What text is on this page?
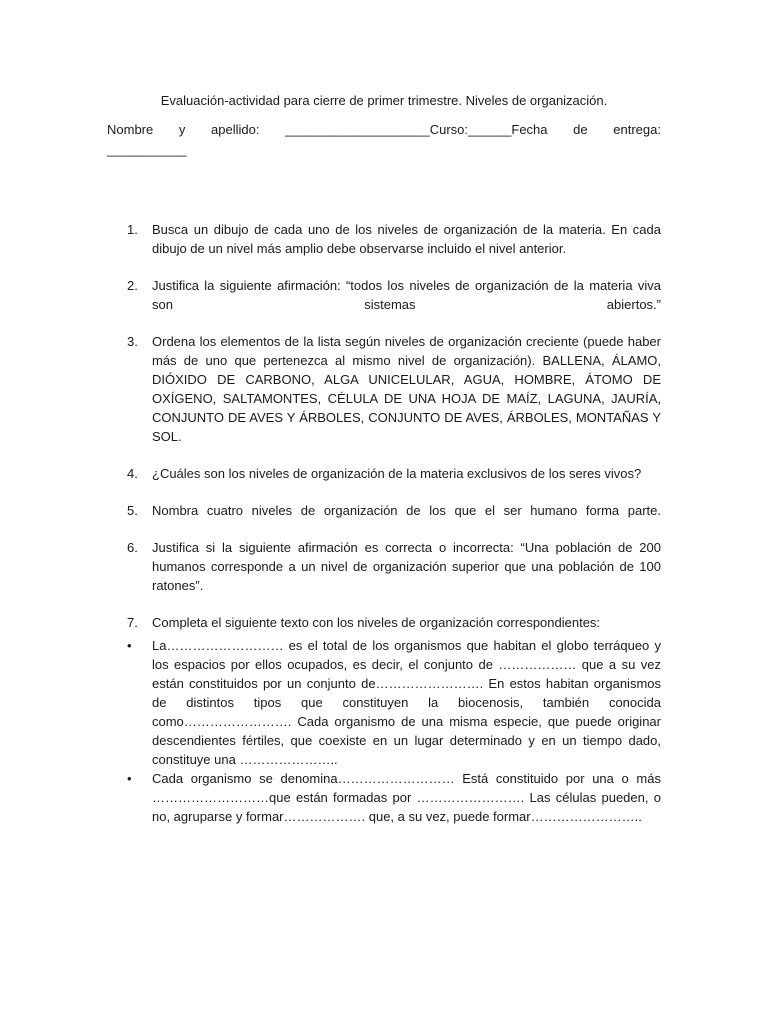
Evaluación-actividad para cierre de primer trimestre. Niveles de organización.
Nombre y apellido: ____________________Curso:______Fecha de entrega:
___________
1. Busca un dibujo de cada uno de los niveles de organización de la materia. En cada dibujo de un nivel más amplio debe observarse incluido el nivel anterior.
2. Justifica la siguiente afirmación: “todos los niveles de organización de la materia viva son sistemas abiertos.”
3. Ordena los elementos de la lista según niveles de organización creciente (puede haber más de uno que pertenezca al mismo nivel de organización). BALLENA, ÁLAMO, DIÓXIDO DE CARBONO, ALGA UNICELULAR, AGUA, HOMBRE, ÁTOMO DE OXÍGENO, SALTAMONTES, CÉLULA DE UNA HOJA DE MAÍZ, LAGUNA, JAURÍA, CONJUNTO DE AVES Y ÁRBOLES, CONJUNTO DE AVES, ÁRBOLES, MONTAÑAS Y SOL.
4. ¿Cuáles son los niveles de organización de la materia exclusivos de los seres vivos?
5. Nombra cuatro niveles de organización de los que el ser humano forma parte.
6. Justifica si la siguiente afirmación es correcta o incorrecta: “Una población de 200 humanos corresponde a un nivel de organización superior que una población de 100 ratones”.
7. Completa el siguiente texto con los niveles de organización correspondientes:
• La……………………… es el total de los organismos que habitan el globo terráqueo y los espacios por ellos ocupados, es decir, el conjunto de ……………… que a su vez están constituidos por un conjunto de……………………. En estos habitan organismos de distintos tipos que constituyen la biocenosis, también conocida como……………………. Cada organismo de una misma especie, que puede originar descendientes fértiles, que coexiste en un lugar determinado y en un tiempo dado, constituye una …………………..
• Cada organismo se denomina……………………… Está constituido por una o más ………………………que están formadas por ……………………. Las células pueden, o no, agruparse y formar………………. que, a su vez, puede formar……………………..
